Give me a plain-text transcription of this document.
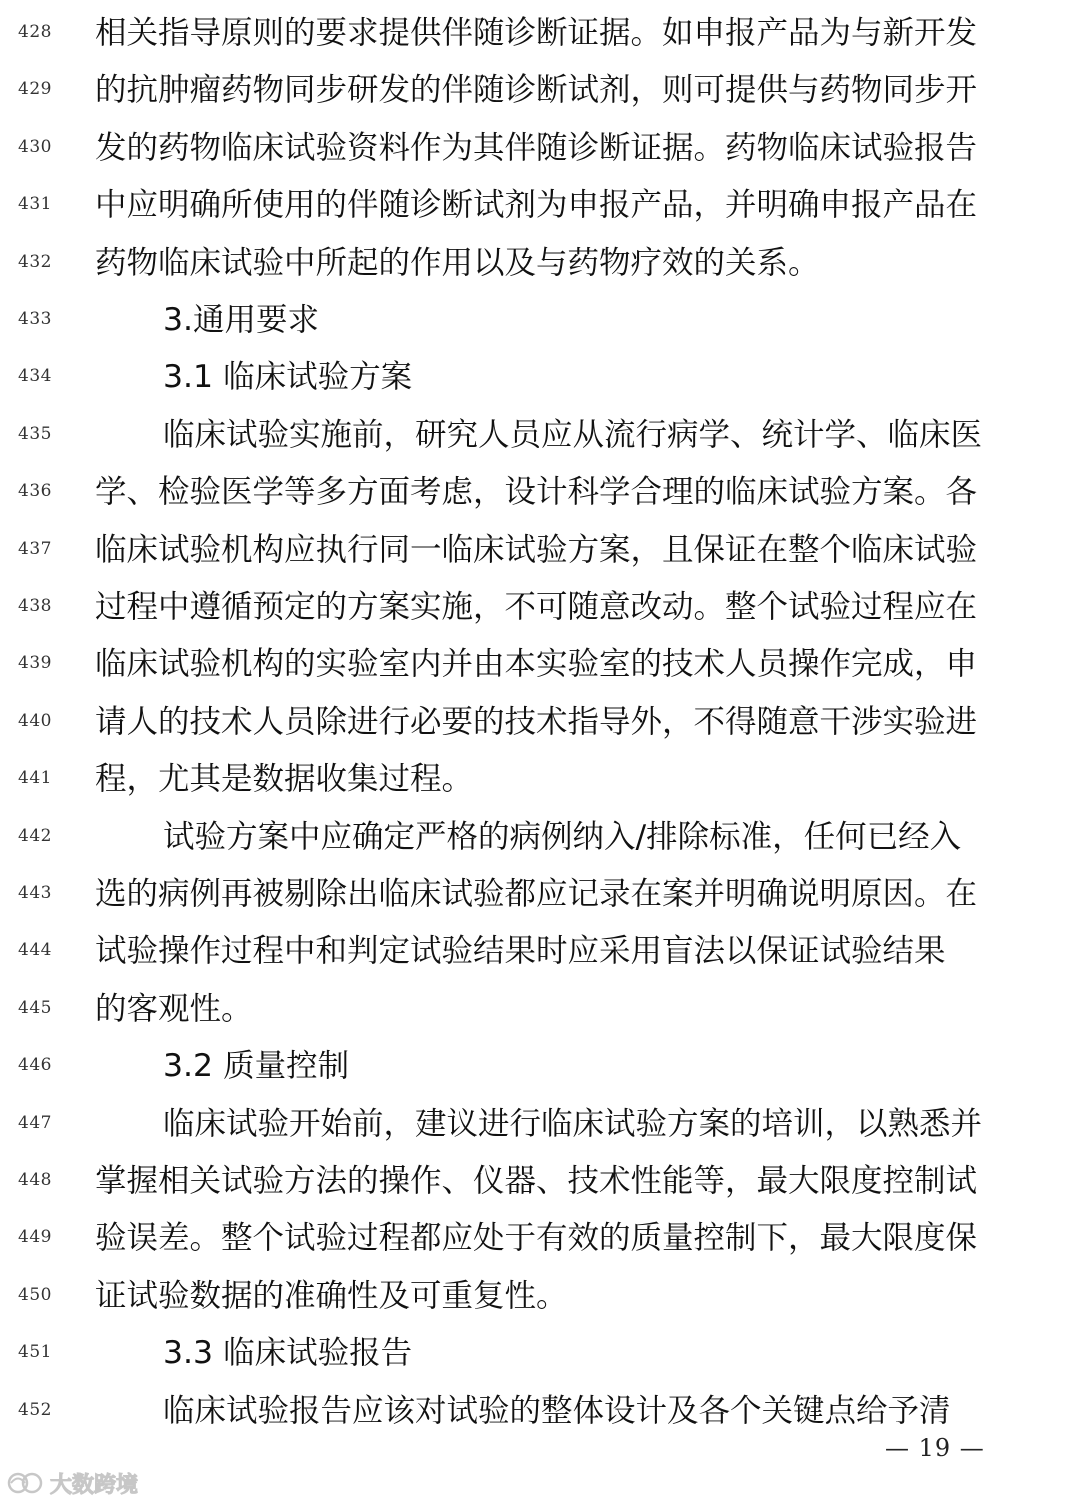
428	相关指导原则的要求提供伴随诊断证据。如申报产品为与新开发
429	的抗肿瘤药物同步研发的伴随诊断试剂，则可提供与药物同步开
430	发的药物临床试验资料作为其伴随诊断证据。药物临床试验报告
431	中应明确所使用的伴随诊断试剂为申报产品，并明确申报产品在
432	药物临床试验中所起的作用以及与药物疗效的关系。
433	3.通用要求
434	3.1 临床试验方案
435	临床试验实施前，研究人员应从流行病学、统计学、临床医
436	学、检验医学等多方面考虑，设计科学合理的临床试验方案。各
437	临床试验机构应执行同一临床试验方案，且保证在整个临床试验
438	过程中遵循预定的方案实施，不可随意改动。整个试验过程应在
439	临床试验机构的实验室内并由本实验室的技术人员操作完成，申
440	请人的技术人员除进行必要的技术指导外，不得随意干涉实验进
441	程，尤其是数据收集过程。
442	试验方案中应确定严格的病例纳入/排除标准，任何已经入
443	选的病例再被剔除出临床试验都应记录在案并明确说明原因。在
444	试验操作过程中和判定试验结果时应采用盲法以保证试验结果
445	的客观性。
446	3.2 质量控制
447	临床试验开始前，建议进行临床试验方案的培训，以熟悉并
448	掌握相关试验方法的操作、仪器、技术性能等，最大限度控制试
449	验误差。整个试验过程都应处于有效的质量控制下，最大限度保
450	证试验数据的准确性及可重复性。
451	3.3 临床试验报告
452	临床试验报告应该对试验的整体设计及各个关键点给予清
— 19 —
大数跨境
